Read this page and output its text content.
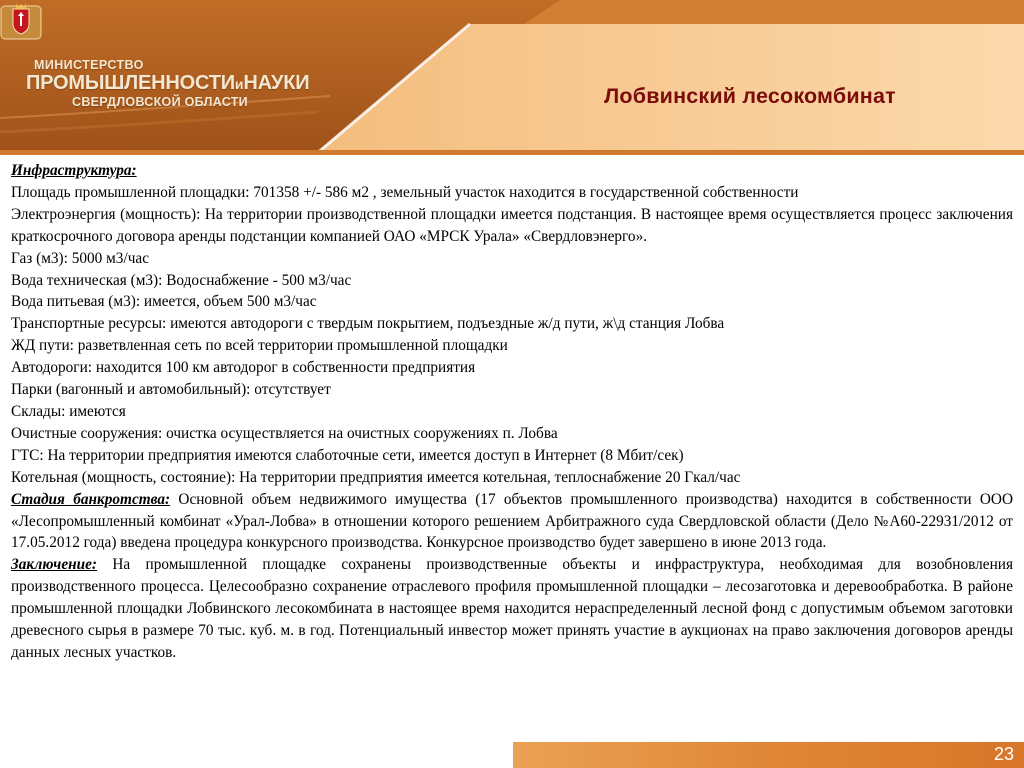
МИНИСТЕРСТВО
ПРОМЫШЛЕННОСТИиНАУКИ
СВЕРДЛОВСКОЙ ОБЛАСТИ	Лобвинский лесокомбинат

Инфраструктура:

Площадь промышленной площадки: 701358 +/- 586 м2 , земельный участок находится в государственной собственности

Электроэнергия (мощность): На территории производственной площадки имеется подстанция. В настоящее время осуществляется процесс заключения краткосрочного договора аренды подстанции компанией ОАО «МРСК Урала» «Свердловэнерго».

Газ (м3): 5000 м3/час

Вода техническая (м3): Водоснабжение - 500 м3/час

Вода питьевая (м3): имеется, объем 500 м3/час

Транспортные ресурсы: имеются автодороги с твердым покрытием, подъездные ж/д пути, ж\д станция Лобва

ЖД пути: разветвленная сеть по всей территории промышленной площадки

Автодороги: находится 100 км автодорог в собственности предприятия

Парки (вагонный и автомобильный): отсутствует

Склады: имеются

Очистные сооружения: очистка осуществляется на очистных сооружениях п. Лобва

ГТС: На территории предприятия имеются слаботочные сети, имеется доступ в Интернет (8 Мбит/сек)

Котельная (мощность, состояние): На территории предприятия имеется котельная, теплоснабжение 20 Гкал/час

Стадия банкротства: Основной объем недвижимого имущества (17 объектов промышленного производства) находится в собственности ООО «Лесопромышленный комбинат «Урал-Лобва» в отношении которого решением Арбитражного суда Свердловской области (Дело №А60-22931/2012 от 17.05.2012 года) введена процедура конкурсного производства. Конкурсное производство будет завершено в июне 2013 года.

Заключение: На промышленной площадке сохранены производственные объекты и инфраструктура, необходимая для возобновления производственного процесса. Целесообразно сохранение отраслевого профиля промышленной площадки – лесозаготовка и деревообработка. В районе промышленной площадки Лобвинского лесокомбината в настоящее время находится нераспределенный лесной фонд с допустимым объемом заготовки древесного сырья в размере 70 тыс. куб. м. в год. Потенциальный инвестор может принять участие в аукционах на право заключения договоров аренды данных лесных участков.

23
